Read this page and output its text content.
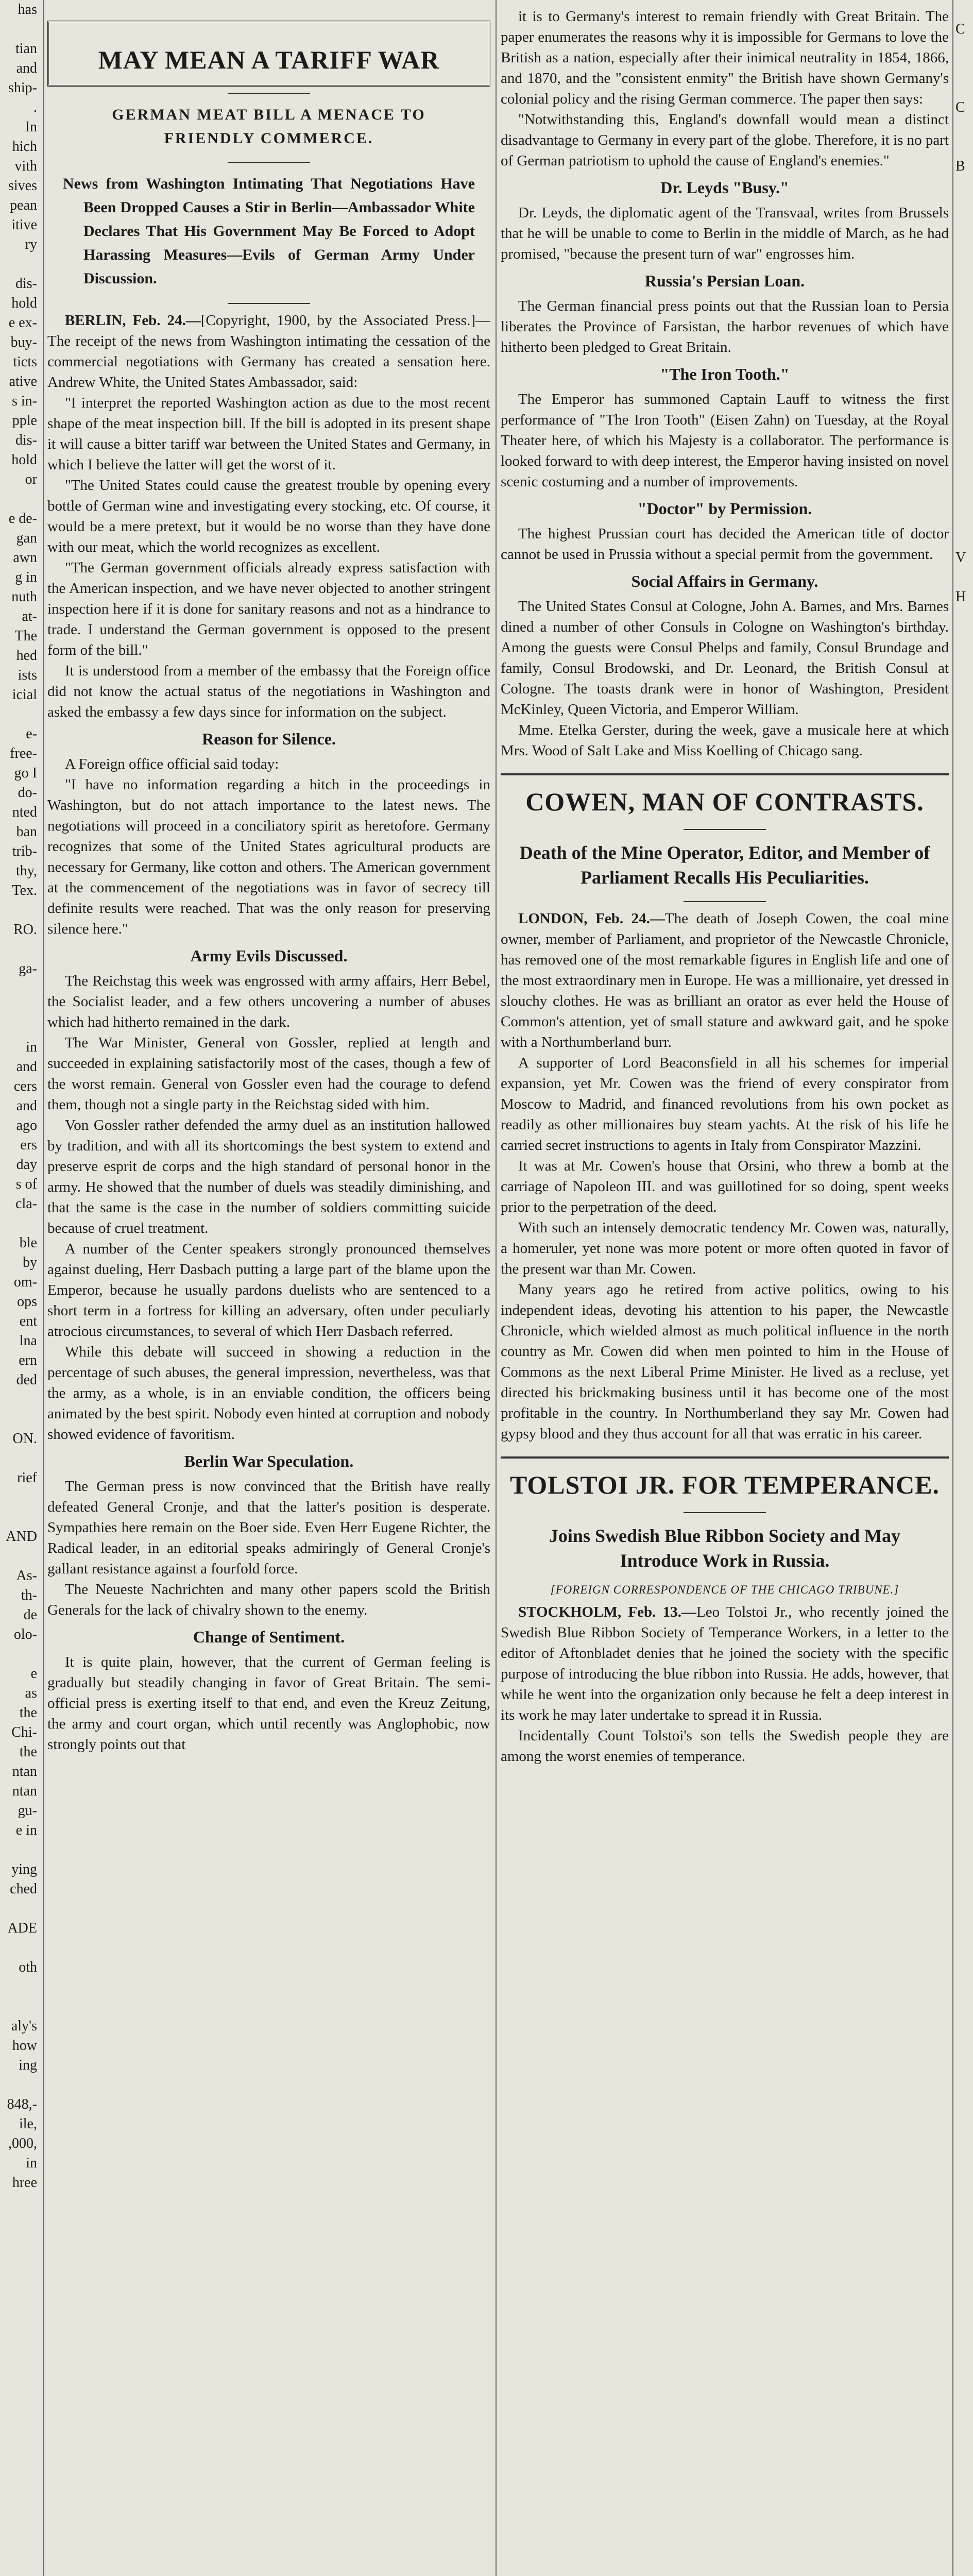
has
tian
and
ship-
.
In
hich
vith
sives
pean
itive
ry
dis-
hold
e ex-
buy-
ticts
ative
s in-
pple
dis-
hold
or
e de-
gan
awn
g in
nuth
at-
The
hed
ists
icial
e-
free-
go I
do-
nted
ban
trib-
thy,
Tex.
RO.
ga-
in
and
cers
and
ago
ers
day
s of
cla-
ble
by
om-
ops
ent
lna
ern
ded
ON.
rief
AND
As-
th-
de
olo-
e
as
the
Chi-
the
ntan
ntan
gu-
e in
ying
ched
ADE
oth
aly's
how
ing
848,-
ile,
,000,
in
hree
MAY MEAN A TARIFF WAR
GERMAN MEAT BILL A MENACE TO FRIENDLY COMMERCE.
News from Washington Intimating That Negotiations Have Been Dropped Causes a Stir in Berlin—Ambassador White Declares That His Government May Be Forced to Adopt Harassing Measures—Evils of German Army Under Discussion.

BERLIN, Feb. 24.—[Copyright, 1900, by the Associated Press.]—The receipt of the news from Washington intimating the cessation of the commercial negotiations with Germany has created a sensation here. Andrew White, the United States Ambassador, said:

"I interpret the reported Washington action as due to the most recent shape of the meat inspection bill. If the bill is adopted in its present shape it will cause a bitter tariff war between the United States and Germany, in which I believe the latter will get the worst of it.

"The United States could cause the greatest trouble by opening every bottle of German wine and investigating every stocking, etc. Of course, it would be a mere pretext, but it would be no worse than they have done with our meat, which the world recognizes as excellent.

"The German government officials already express satisfaction with the American inspection, and we have never objected to another stringent inspection here if it is done for sanitary reasons and not as a hindrance to trade. I understand the German government is opposed to the present form of the bill."

It is understood from a member of the embassy that the Foreign office did not know the actual status of the negotiations in Washington and asked the embassy a few days since for information on the subject.

Reason for Silence.

A Foreign office official said today:

"I have no information regarding a hitch in the proceedings in Washington, but do not attach importance to the latest news. The negotiations will proceed in a conciliatory spirit as heretofore. Germany recognizes that some of the United States agricultural products are necessary for Germany, like cotton and others. The American government at the commencement of the negotiations was in favor of secrecy till definite results were reached. That was the only reason for preserving silence here."

Army Evils Discussed.

The Reichstag this week was engrossed with army affairs, Herr Bebel, the Socialist leader, and a few others uncovering a number of abuses which had hitherto remained in the dark.

The War Minister, General von Gossler, replied at length and succeeded in explaining satisfactorily most of the cases, though a few of the worst remain. General von Gossler even had the courage to defend them, though not a single party in the Reichstag sided with him.

Von Gossler rather defended the army duel as an institution hallowed by tradition, and with all its shortcomings the best system to extend and preserve esprit de corps and the high standard of personal honor in the army. He showed that the number of duels was steadily diminishing, and that the same is the case in the number of soldiers committing suicide because of cruel treatment.

A number of the Center speakers strongly pronounced themselves against dueling, Herr Dasbach putting a large part of the blame upon the Emperor, because he usually pardons duelists who are sentenced to a short term in a fortress for killing an adversary, often under peculiarly atrocious circumstances, to several of which Herr Dasbach referred.

While this debate will succeed in showing a reduction in the percentage of such abuses, the general impression, nevertheless, was that the army, as a whole, is in an enviable condition, the officers being animated by the best spirit. Nobody even hinted at corruption and nobody showed evidence of favoritism.

Berlin War Speculation.

The German press is now convinced that the British have really defeated General Cronje, and that the latter's position is desperate. Sympathies here remain on the Boer side. Even Herr Eugene Richter, the Radical leader, in an editorial speaks admiringly of General Cronje's gallant resistance against a fourfold force.

The Neueste Nachrichten and many other papers scold the British Generals for the lack of chivalry shown to the enemy.

Change of Sentiment.

It is quite plain, however, that the current of German feeling is gradually but steadily changing in favor of Great Britain. The semi-official press is exerting itself to that end, and even the Kreuz Zeitung, the army and court organ, which until recently was Anglophobic, now strongly points out that

it is to Germany's interest to remain friendly with Great Britain. The paper enumerates the reasons why it is impossible for Germans to love the British as a nation, especially after their inimical neutrality in 1854, 1866, and 1870, and the "consistent enmity" the British have shown Germany's colonial policy and the rising German commerce. The paper then says:

"Notwithstanding this, England's downfall would mean a distinct disadvantage to Germany in every part of the globe. Therefore, it is no part of German patriotism to uphold the cause of England's enemies."

Dr. Leyds "Busy."

Dr. Leyds, the diplomatic agent of the Transvaal, writes from Brussels that he will be unable to come to Berlin in the middle of March, as he had promised, "because the present turn of war" engrosses him.

Russia's Persian Loan.

The German financial press points out that the Russian loan to Persia liberates the Province of Farsistan, the harbor revenues of which have hitherto been pledged to Great Britain.

"The Iron Tooth."

The Emperor has summoned Captain Lauff to witness the first performance of "The Iron Tooth" (Eisen Zahn) on Tuesday, at the Royal Theater here, of which his Majesty is a collaborator. The performance is looked forward to with deep interest, the Emperor having insisted on novel scenic costuming and a number of improvements.

"Doctor" by Permission.

The highest Prussian court has decided the American title of doctor cannot be used in Prussia without a special permit from the government.

Social Affairs in Germany.

The United States Consul at Cologne, John A. Barnes, and Mrs. Barnes dined a number of other Consuls in Cologne on Washington's birthday. Among the guests were Consul Phelps and family, Consul Brundage and family, Consul Brodowski, and Dr. Leonard, the British Consul at Cologne. The toasts drank were in honor of Washington, President McKinley, Queen Victoria, and Emperor William.

Mme. Etelka Gerster, during the week, gave a musicale here at which Mrs. Wood of Salt Lake and Miss Koelling of Chicago sang.

COWEN, MAN OF CONTRASTS.
Death of the Mine Operator, Editor, and Member of Parliament Recalls His Peculiarities.

LONDON, Feb. 24.—The death of Joseph Cowen, the coal mine owner, member of Parliament, and proprietor of the Newcastle Chronicle, has removed one of the most remarkable figures in English life and one of the most extraordinary men in Europe. He was a millionaire, yet dressed in slouchy clothes. He was as brilliant an orator as ever held the House of Common's attention, yet of small stature and awkward gait, and he spoke with a Northumberland burr.

A supporter of Lord Beaconsfield in all his schemes for imperial expansion, yet Mr. Cowen was the friend of every conspirator from Moscow to Madrid, and financed revolutions from his own pocket as readily as other millionaires buy steam yachts. At the risk of his life he carried secret instructions to agents in Italy from Conspirator Mazzini.

It was at Mr. Cowen's house that Orsini, who threw a bomb at the carriage of Napoleon III. and was guillotined for so doing, spent weeks prior to the perpetration of the deed.

With such an intensely democratic tendency Mr. Cowen was, naturally, a homeruler, yet none was more potent or more often quoted in favor of the present war than Mr. Cowen.

Many years ago he retired from active politics, owing to his independent ideas, devoting his attention to his paper, the Newcastle Chronicle, which wielded almost as much political influence in the north country as Mr. Cowen did when men pointed to him in the House of Commons as the next Liberal Prime Minister. He lived as a recluse, yet directed his brickmaking business until it has become one of the most profitable in the country. In Northumberland they say Mr. Cowen had gypsy blood and they thus account for all that was erratic in his career.

TOLSTOI JR. FOR TEMPERANCE.
Joins Swedish Blue Ribbon Society and May Introduce Work in Russia.
[FOREIGN CORRESPONDENCE OF THE CHICAGO TRIBUNE.]

STOCKHOLM, Feb. 13.—Leo Tolstoi Jr., who recently joined the Swedish Blue Ribbon Society of Temperance Workers, in a letter to the editor of Aftonbladet denies that he joined the society with the specific purpose of introducing the blue ribbon into Russia. He adds, however, that while he went into the organization only because he felt a deep interest in its work he may later undertake to spread it in Russia.

Incidentally Count Tolstoi's son tells the Swedish people they are among the worst enemies of temperance.

C
C
B
V
H
